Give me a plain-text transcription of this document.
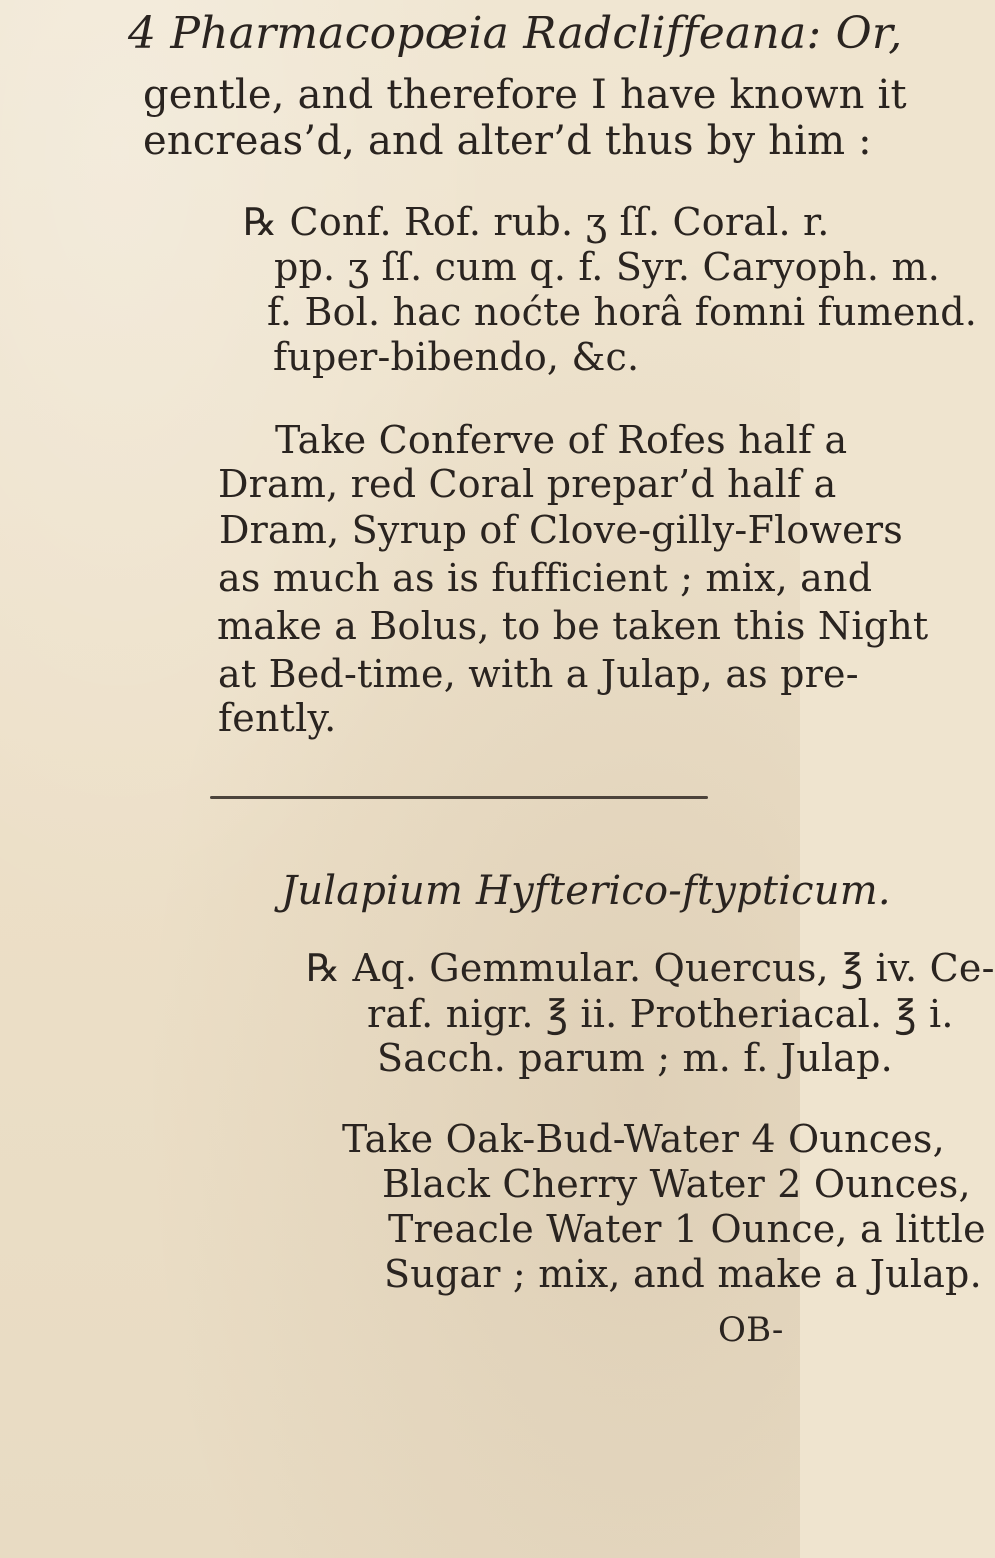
4 Pharmacopœia Radcliffeana: Or,
gentle, and therefore I have known it
encreas’d, and alter’d thus by him :
℞ Conf. Rof. rub. ʒ ſſ. Coral. r.
pp. ʒ ſſ. cum q. f. Syr. Caryoph. m.
f. Bol. hac noćte horâ fomni fumend.
fuper-bibendo, &c.
Take Conferve of Rofes half a
Dram, red Coral prepar’d half a
Dram, Syrup of Clove-gilly-Flowers
as much as is fufficient ; mix, and
make a Bolus, to be taken this Night
at Bed-time, with a Julap, as pre-
fently.
Julapium Hyfterico-ftypticum.
℞ Aq. Gemmular. Quercus, ℥ iv. Ce-
raf. nigr. ℥ ii. Protheriacal. ℥ i.
Sacch. parum ; m. f. Julap.
Take Oak-Bud-Water 4 Ounces,
Black Cherry Water 2 Ounces,
Treacle Water 1 Ounce, a little
Sugar ; mix, and make a Julap.
OB-
